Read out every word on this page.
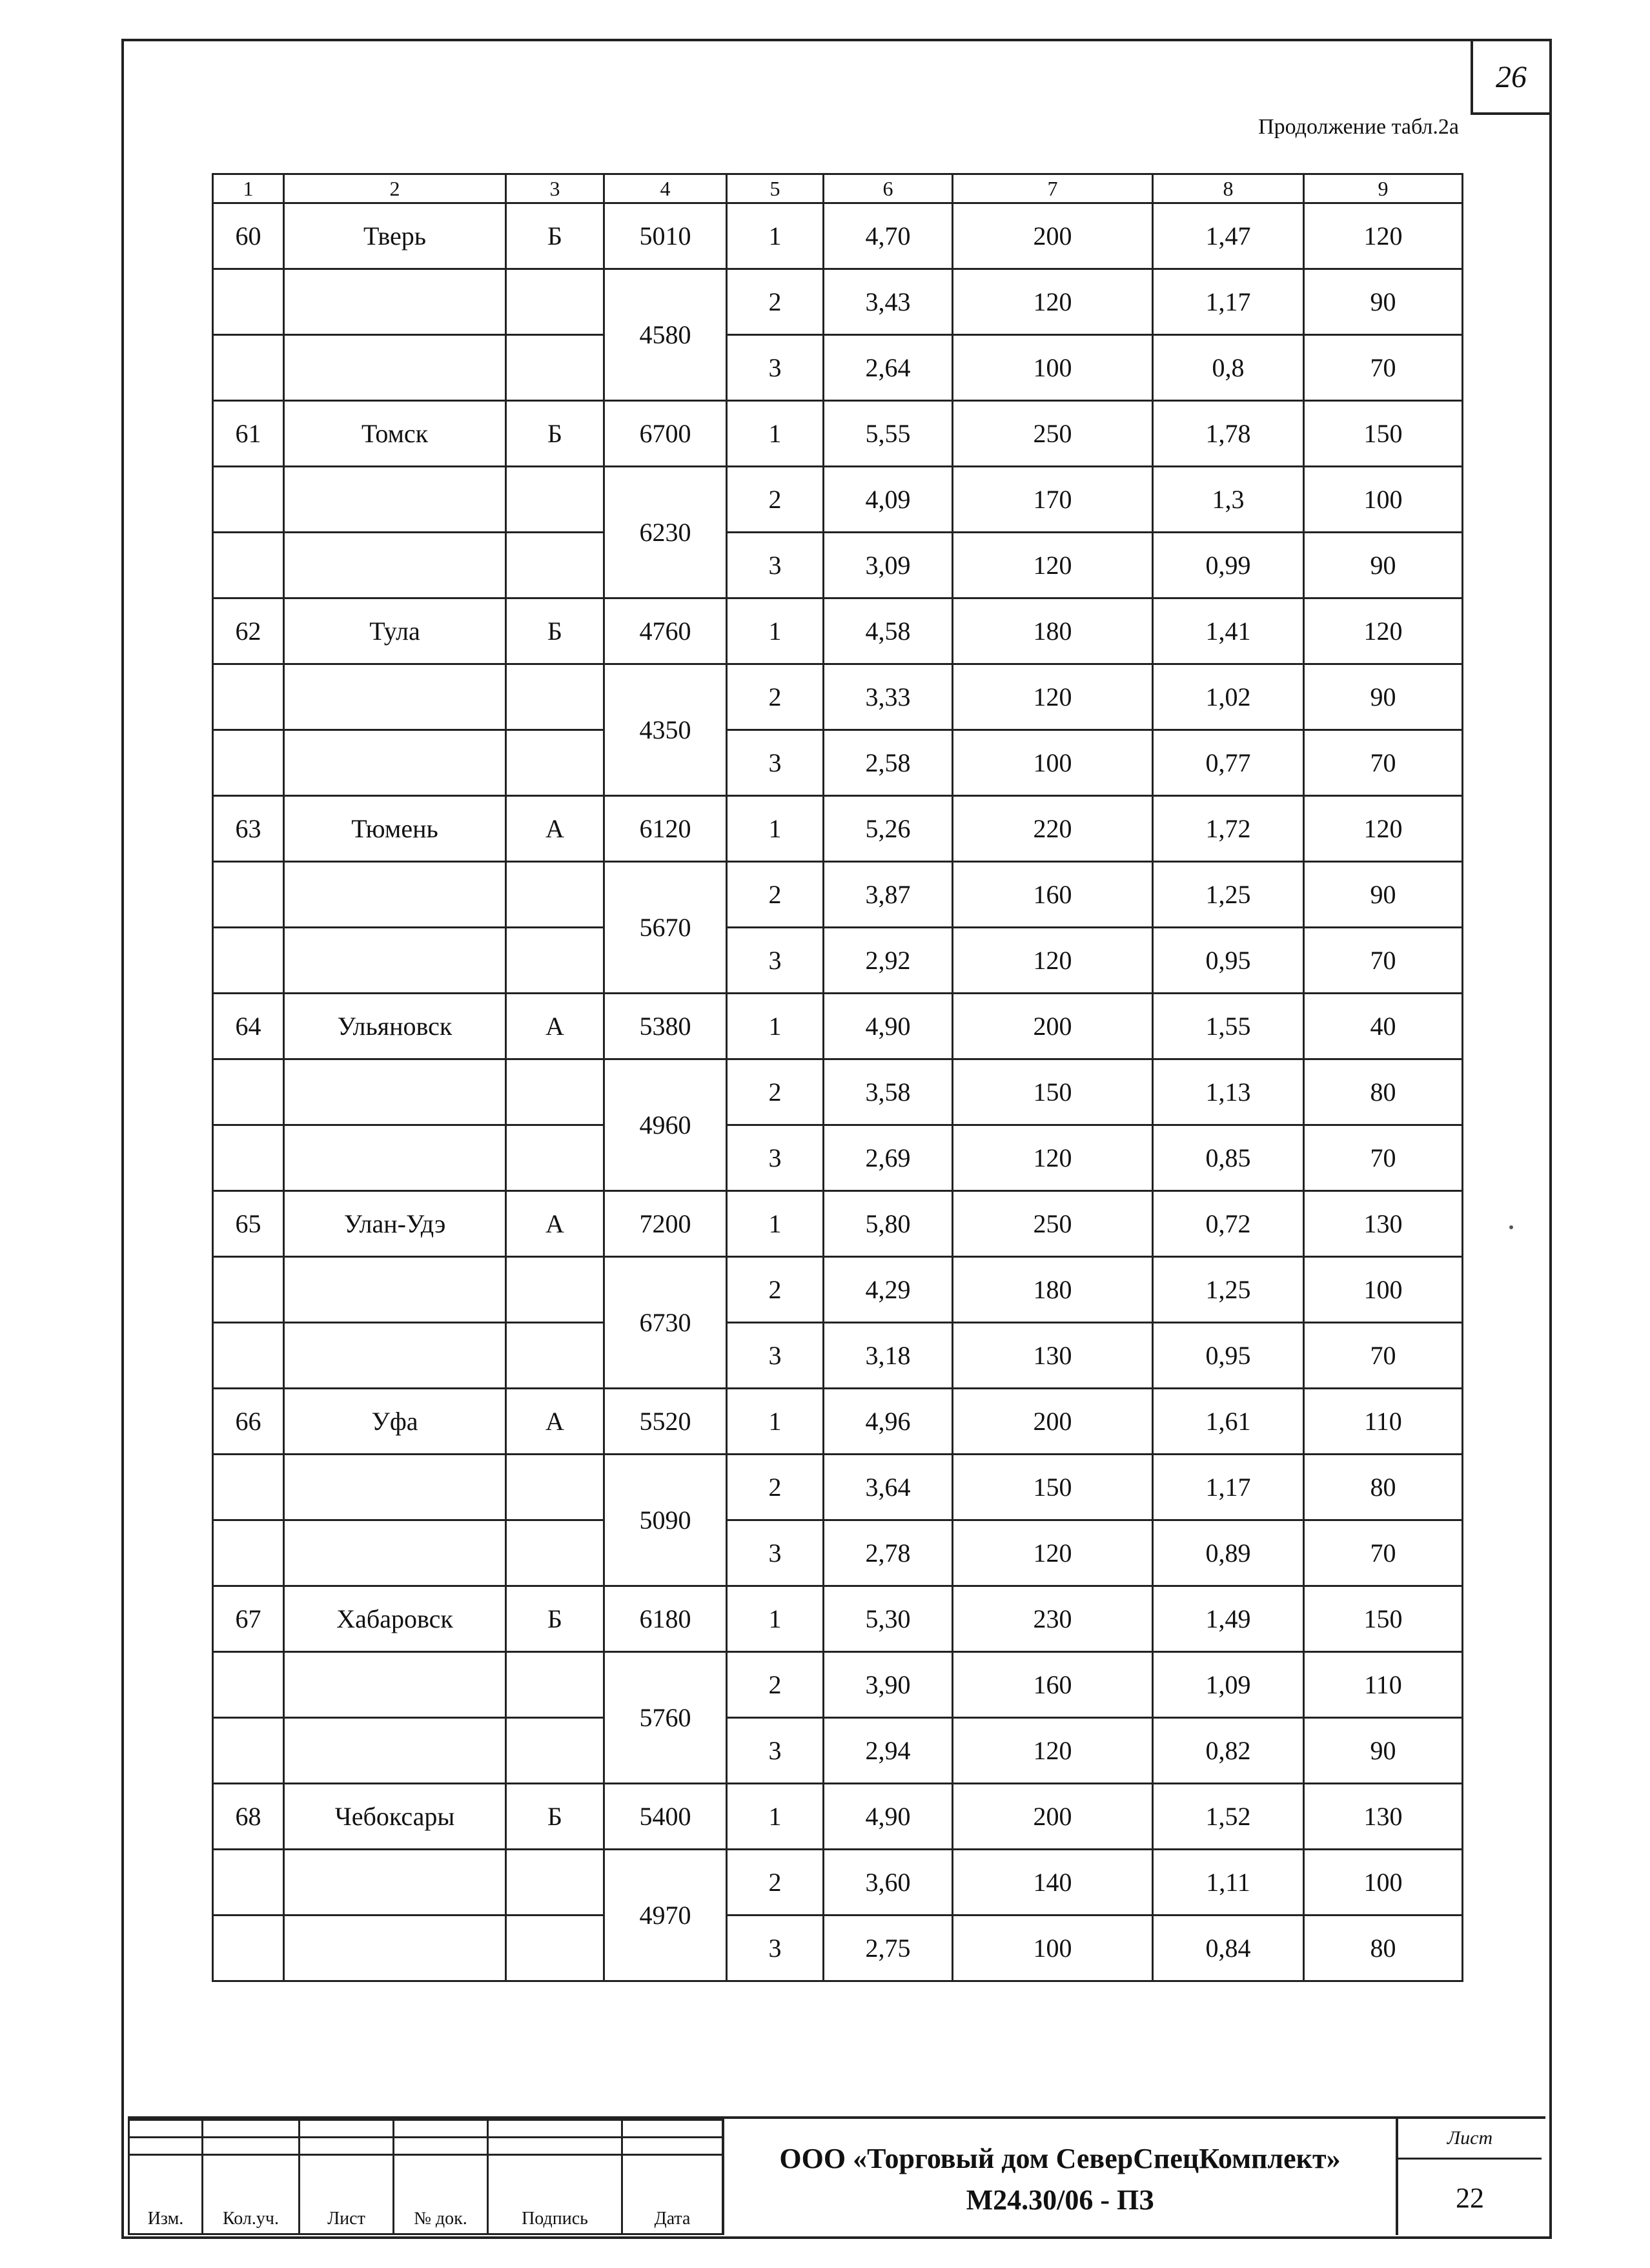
26
Продолжение табл.2а
1	2	3	4	5	6	7	8	9
60	Тверь	Б	5010	1	4,70	200	1,47	120
			4580	2	3,43	120	1,17	90
				3	2,64	100	0,8	70
61	Томск	Б	6700	1	5,55	250	1,78	150
			6230	2	4,09	170	1,3	100
				3	3,09	120	0,99	90
62	Тула	Б	4760	1	4,58	180	1,41	120
			4350	2	3,33	120	1,02	90
				3	2,58	100	0,77	70
63	Тюмень	А	6120	1	5,26	220	1,72	120
			5670	2	3,87	160	1,25	90
				3	2,92	120	0,95	70
64	Ульяновск	А	5380	1	4,90	200	1,55	40
			4960	2	3,58	150	1,13	80
				3	2,69	120	0,85	70
65	Улан-Удэ	А	7200	1	5,80	250	0,72	130
			6730	2	4,29	180	1,25	100
				3	3,18	130	0,95	70
66	Уфа	А	5520	1	4,96	200	1,61	110
			5090	2	3,64	150	1,17	80
				3	2,78	120	0,89	70
67	Хабаровск	Б	6180	1	5,30	230	1,49	150
			5760	2	3,90	160	1,09	110
				3	2,94	120	0,82	90
68	Чебоксары	Б	5400	1	4,90	200	1,52	130
			4970	2	3,60	140	1,11	100
				3	2,75	100	0,84	80

Изм.	Кол.уч.	Лист	№ док.	Подпись	Дата
ООО «Торговый дом СеверСпецКомплект»
М24.30/06 - ПЗ
Лист
22
